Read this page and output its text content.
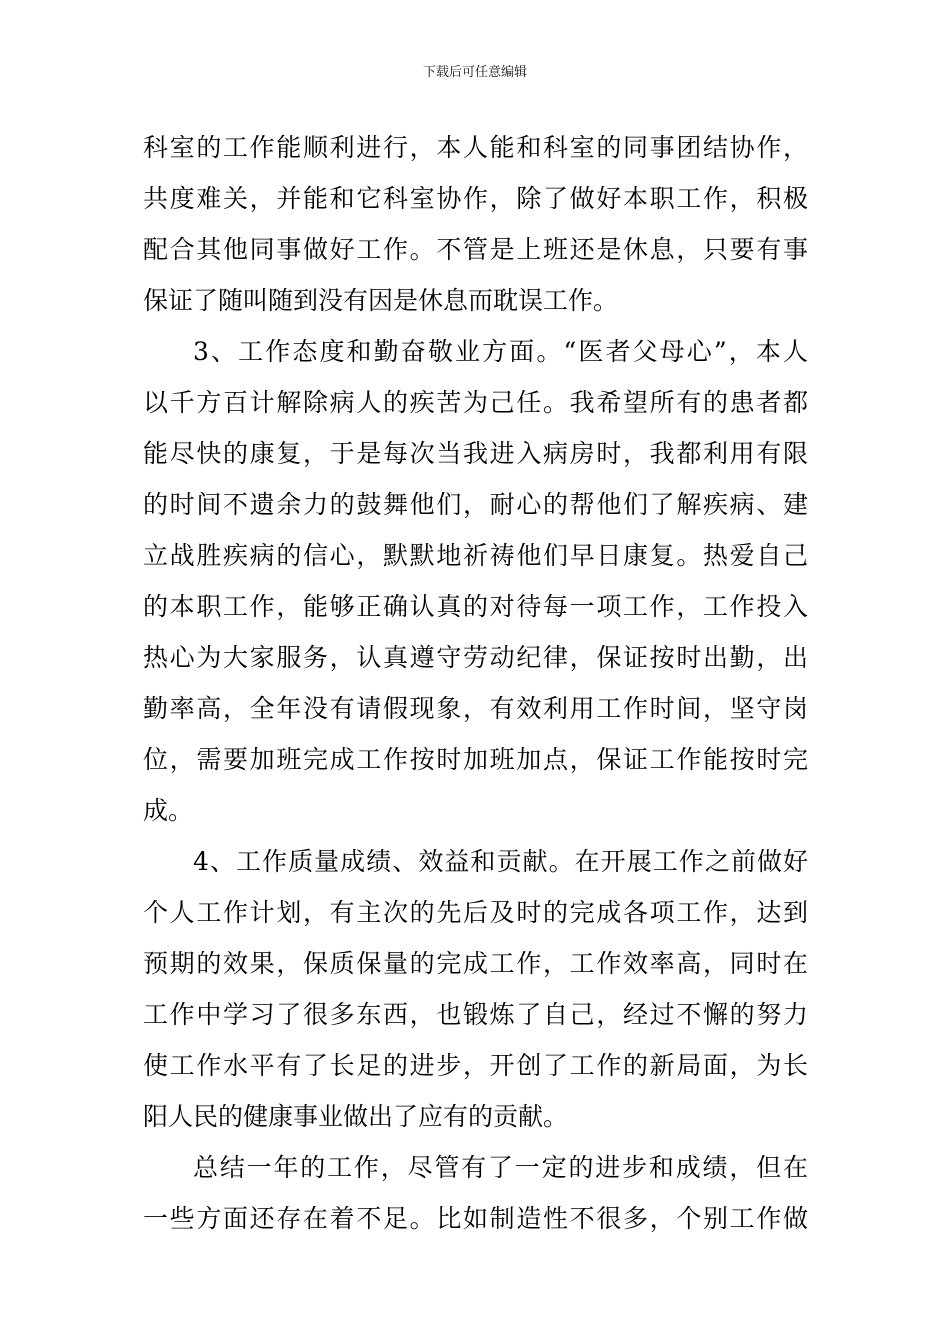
下载后可任意编辑
科室的工作能顺利进行，本人能和科室的同事团结协作，
共度难关，并能和它科室协作，除了做好本职工作，积极
配合其他同事做好工作。不管是上班还是休息，只要有事
保证了随叫随到没有因是休息而耽误工作。
3、工作态度和勤奋敬业方面。“医者父母心”，本人
以千方百计解除病人的疾苦为己任。我希望所有的患者都
能尽快的康复，于是每次当我进入病房时，我都利用有限
的时间不遗余力的鼓舞他们，耐心的帮他们了解疾病、建
立战胜疾病的信心，默默地祈祷他们早日康复。热爱自己
的本职工作，能够正确认真的对待每一项工作，工作投入
热心为大家服务，认真遵守劳动纪律，保证按时出勤，出
勤率高，全年没有请假现象，有效利用工作时间，坚守岗
位，需要加班完成工作按时加班加点，保证工作能按时完
成。
4、工作质量成绩、效益和贡献。在开展工作之前做好
个人工作计划，有主次的先后及时的完成各项工作，达到
预期的效果，保质保量的完成工作，工作效率高，同时在
工作中学习了很多东西，也锻炼了自己，经过不懈的努力
使工作水平有了长足的进步，开创了工作的新局面，为长
阳人民的健康事业做出了应有的贡献。
总结一年的工作，尽管有了一定的进步和成绩，但在
一些方面还存在着不足。比如制造性不很多，个别工作做
